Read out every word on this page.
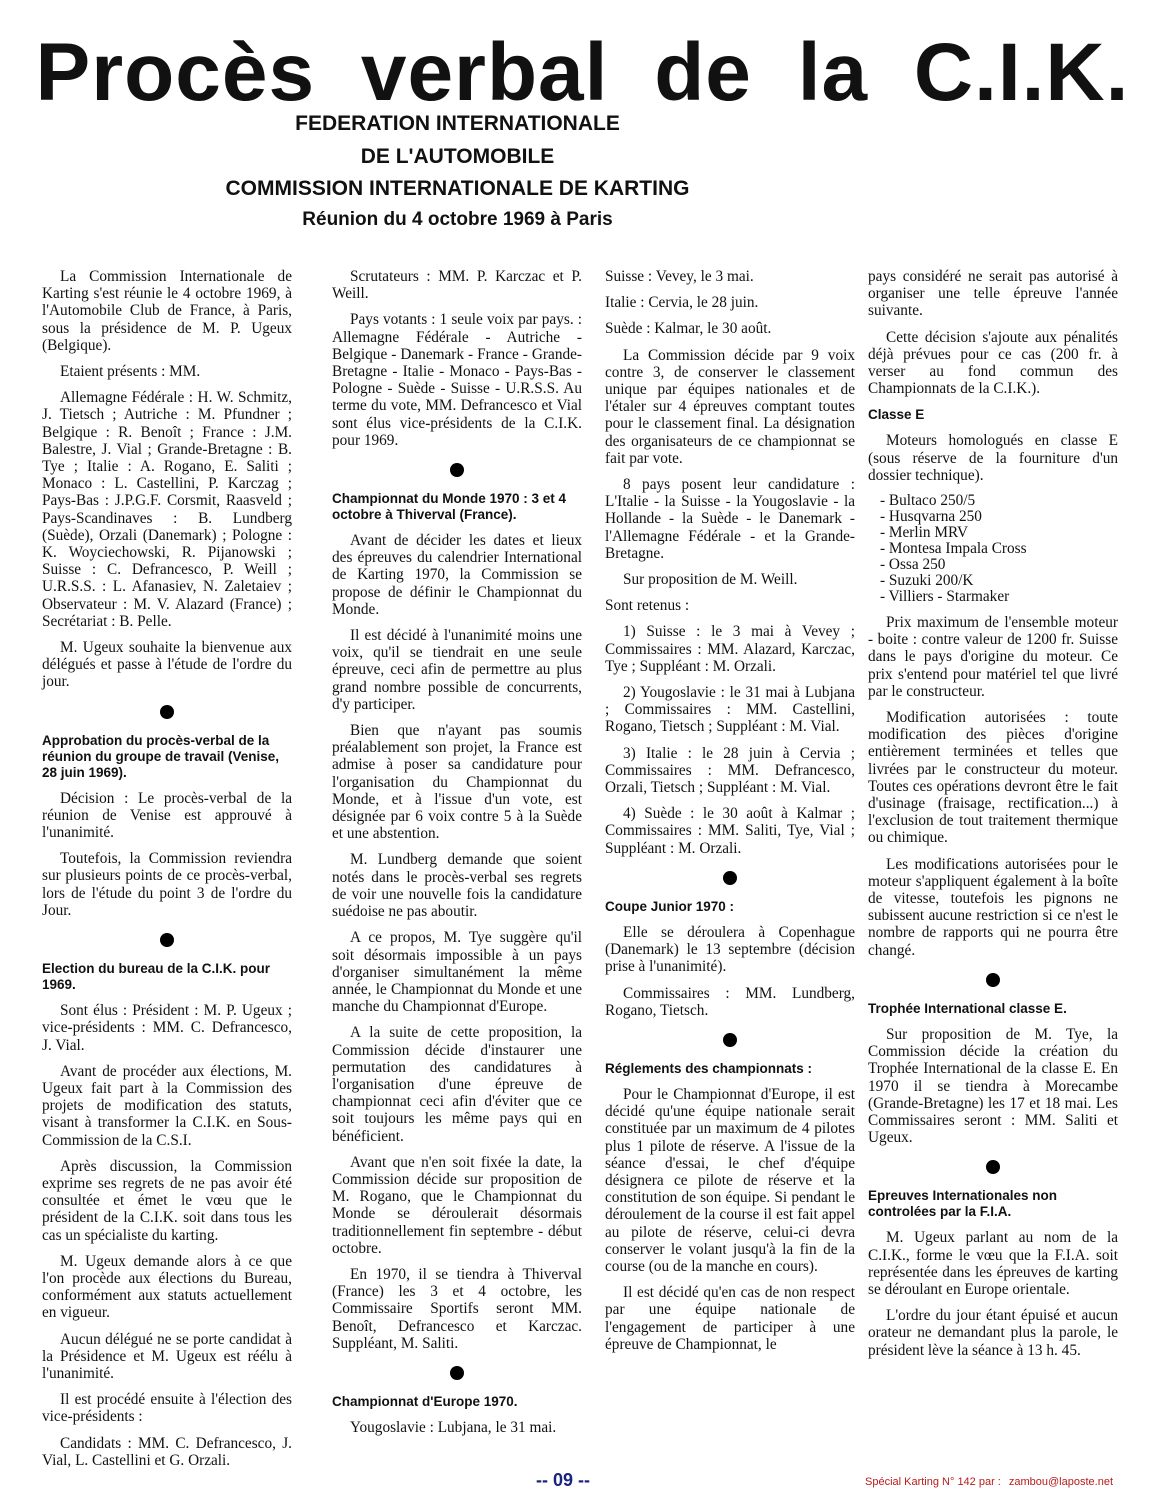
Procès verbal de la C.I.K.
FEDERATION INTERNATIONALE
DE L'AUTOMOBILE
COMMISSION INTERNATIONALE DE KARTING
Réunion du 4 octobre 1969 à Paris

La Commission Internationale de Karting s'est réunie le 4 octobre 1969, à l'Automobile Club de France, à Paris, sous la présidence de M. P. Ugeux (Belgique).

Etaient présents : MM.

Allemagne Fédérale : H. W. Schmitz, J. Tietsch ; Autriche : M. Pfundner ; Belgique : R. Benoît ; France : J.M. Balestre, J. Vial ; Grande-Bretagne : B. Tye ; Italie : A. Rogano, E. Saliti ; Monaco : L. Castellini, P. Karczag ; Pays-Bas : J.P.G.F. Corsmit, Raasveld ; Pays-Scandinaves : B. Lundberg (Suède), Orzali (Danemark) ; Pologne : K. Woyciechowski, R. Pijanowski ; Suisse : C. Defrancesco, P. Weill ; U.R.S.S. : L. Afanasiev, N. Zaletaiev ; Observateur : M. V. Alazard (France) ; Secrétariat : B. Pelle.

M. Ugeux souhaite la bienvenue aux délégués et passe à l'étude de l'ordre du jour.

Approbation du procès-verbal de la réunion du groupe de travail (Venise, 28 juin 1969).

Décision : Le procès-verbal de la réunion de Venise est approuvé à l'unanimité.

Toutefois, la Commission reviendra sur plusieurs points de ce procès-verbal, lors de l'étude du point 3 de l'ordre du Jour.

Election du bureau de la C.I.K. pour 1969.

Sont élus : Président : M. P. Ugeux ; vice-présidents : MM. C. Defrancesco, J. Vial.

Avant de procéder aux élections, M. Ugeux fait part à la Commission des projets de modification des statuts, visant à transformer la C.I.K. en Sous-Commission de la C.S.I.

Après discussion, la Commission exprime ses regrets de ne pas avoir été consultée et émet le vœu que le président de la C.I.K. soit dans tous les cas un spécialiste du karting.

M. Ugeux demande alors à ce que l'on procède aux élections du Bureau, conformément aux statuts actuellement en vigueur.

Aucun délégué ne se porte candidat à la Présidence et M. Ugeux est réélu à l'unanimité.

Il est procédé ensuite à l'élection des vice-présidents :

Candidats : MM. C. Defrancesco, J. Vial, L. Castellini et G. Orzali.

Scrutateurs : MM. P. Karczac et P. Weill.

Pays votants : 1 seule voix par pays. : Allemagne Fédérale - Autriche - Belgique - Danemark - France - Grande-Bretagne - Italie - Monaco - Pays-Bas - Pologne - Suède - Suisse - U.R.S.S. Au terme du vote, MM. Defrancesco et Vial sont élus vice-présidents de la C.I.K. pour 1969.

Championnat du Monde 1970 : 3 et 4 octobre à Thiverval (France).

Avant de décider les dates et lieux des épreuves du calendrier International de Karting 1970, la Commission se propose de définir le Championnat du Monde.

Il est décidé à l'unanimité moins une voix, qu'il se tiendrait en une seule épreuve, ceci afin de permettre au plus grand nombre possible de concurrents, d'y participer.

Bien que n'ayant pas soumis préalablement son projet, la France est admise à poser sa candidature pour l'organisation du Championnat du Monde, et à l'issue d'un vote, est désignée par 6 voix contre 5 à la Suède et une abstention.

M. Lundberg demande que soient notés dans le procès-verbal ses regrets de voir une nouvelle fois la candidature suédoise ne pas aboutir.

A ce propos, M. Tye suggère qu'il soit désormais impossible à un pays d'organiser simultanément la même année, le Championnat du Monde et une manche du Championnat d'Europe.

A la suite de cette proposition, la Commission décide d'instaurer une permutation des candidatures à l'organisation d'une épreuve de championnat ceci afin d'éviter que ce soit toujours les même pays qui en bénéficient.

Avant que n'en soit fixée la date, la Commission décide sur proposition de M. Rogano, que le Championnat du Monde se déroulerait désormais traditionnellement fin septembre - début octobre.

En 1970, il se tiendra à Thiverval (France) les 3 et 4 octobre, les Commissaire Sportifs seront MM. Benoît, Defrancesco et Karczac. Suppléant, M. Saliti.

Championnat d'Europe 1970.

Yougoslavie : Lubjana, le 31 mai.

Suisse : Vevey, le 3 mai.

Italie : Cervia, le 28 juin.

Suède : Kalmar, le 30 août.

La Commission décide par 9 voix contre 3, de conserver le classement unique par équipes nationales et de l'étaler sur 4 épreuves comptant toutes pour le classement final. La désignation des organisateurs de ce championnat se fait par vote.

8 pays posent leur candidature : L'Italie - la Suisse - la Yougoslavie - la Hollande - la Suède - le Danemark - l'Allemagne Fédérale - et la Grande-Bretagne.

Sur proposition de M. Weill.

Sont retenus :

1) Suisse : le 3 mai à Vevey ; Commissaires : MM. Alazard, Karczac, Tye ; Suppléant : M. Orzali.

2) Yougoslavie : le 31 mai à Lubjana ; Commissaires : MM. Castellini, Rogano, Tietsch ; Suppléant : M. Vial.

3) Italie : le 28 juin à Cervia ; Commissaires : MM. Defrancesco, Orzali, Tietsch ; Suppléant : M. Vial.

4) Suède : le 30 août à Kalmar ; Commissaires : MM. Saliti, Tye, Vial ; Suppléant : M. Orzali.

Coupe Junior 1970 :

Elle se déroulera à Copenhague (Danemark) le 13 septembre (décision prise à l'unanimité).

Commissaires : MM. Lundberg, Rogano, Tietsch.

Réglements des championnats :

Pour le Championnat d'Europe, il est décidé qu'une équipe nationale serait constituée par un maximum de 4 pilotes plus 1 pilote de réserve. A l'issue de la séance d'essai, le chef d'équipe désignera ce pilote de réserve et la constitution de son équipe. Si pendant le déroulement de la course il est fait appel au pilote de réserve, celui-ci devra conserver le volant jusqu'à la fin de la course (ou de la manche en cours).

Il est décidé qu'en cas de non respect par une équipe nationale de l'engagement de participer à une épreuve de Championnat, le

pays considéré ne serait pas autorisé à organiser une telle épreuve l'année suivante.

Cette décision s'ajoute aux pénalités déjà prévues pour ce cas (200 fr. à verser au fond commun des Championnats de la C.I.K.).

Classe E

Moteurs homologués en classe E (sous réserve de la fourniture d'un dossier technique).

- Bultaco 250/5
- Husqvarna 250
- Merlin MRV
- Montesa Impala Cross
- Ossa 250
- Suzuki 200/K
- Villiers - Starmaker

Prix maximum de l'ensemble moteur - boite : contre valeur de 1200 fr. Suisse dans le pays d'origine du moteur. Ce prix s'entend pour matériel tel que livré par le constructeur.

Modification autorisées : toute modification des pièces d'origine entièrement terminées et telles que livrées par le constructeur du moteur. Toutes ces opérations devront être le fait d'usinage (fraisage, rectification...) à l'exclusion de tout traitement thermique ou chimique.

Les modifications autorisées pour le moteur s'appliquent également à la boîte de vitesse, toutefois les pignons ne subissent aucune restriction si ce n'est le nombre de rapports qui ne pourra être changé.

Trophée International classe E.

Sur proposition de M. Tye, la Commission décide la création du Trophée International de la classe E. En 1970 il se tiendra à Morecambe (Grande-Bretagne) les 17 et 18 mai. Les Commissaires seront : MM. Saliti et Ugeux.

Epreuves Internationales non controlées par la F.I.A.

M. Ugeux parlant au nom de la C.I.K., forme le vœu que la F.I.A. soit représentée dans les épreuves de karting se déroulant en Europe orientale.

L'ordre du jour étant épuisé et aucun orateur ne demandant plus la parole, le président lève la séance à 13 h. 45.

-- 09 --	Spécial Karting N° 142 par : zambou@laposte.net
